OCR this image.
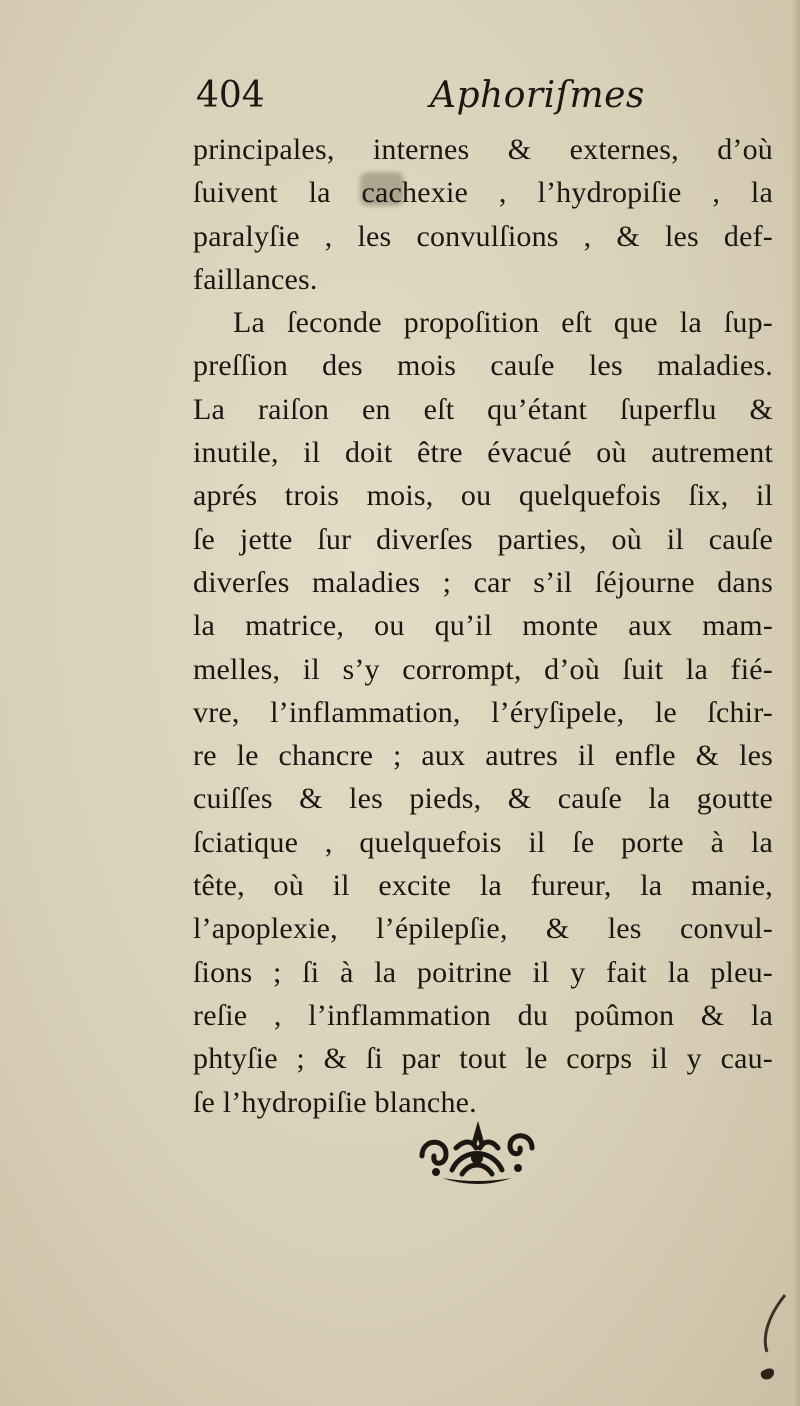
404	Aphoriſmes
principales, internes & externes, d’où
ſuivent la cachexie , l’hydropiſie , la
paralyſie , les convulſions , & les def-
faillances.
La ſeconde propoſition eſt que la ſup-
preſſion des mois cauſe les maladies.
La raiſon en eſt qu’étant ſuperflu &
inutile, il doit être évacué où autrement
aprés trois mois, ou quelquefois ſix, il
ſe jette ſur diverſes parties, où il cauſe
diverſes maladies ; car s’il ſéjourne dans
la matrice, ou qu’il monte aux mam-
melles, il s’y corrompt, d’où ſuit la fié-
vre, l’inflammation, l’éryſipele, le ſchir-
re le chancre ; aux autres il enfle & les
cuiſſes & les pieds, & cauſe la goutte
ſciatique , quelquefois il ſe porte à la
tête, où il excite la fureur, la manie,
l’apoplexie, l’épilepſie, & les convul-
ſions ; ſi à la poitrine il y fait la pleu-
reſie , l’inflammation du poûmon & la
phtyſie ; & ſi par tout le corps il y cau-
ſe l’hydropiſie blanche.
